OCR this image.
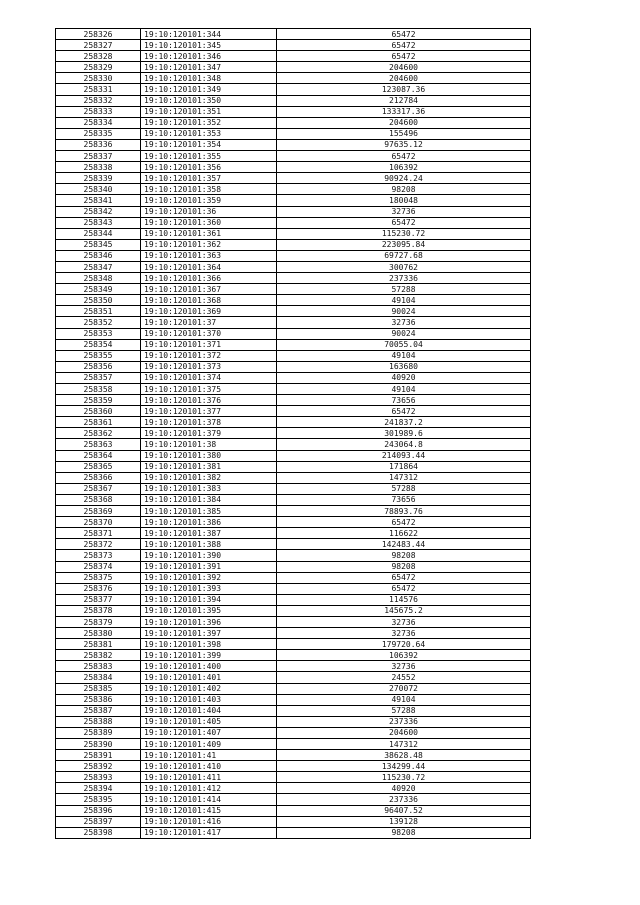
258326	19:10:120101:344	65472
258327	19:10:120101:345	65472
258328	19:10:120101:346	65472
258329	19:10:120101:347	204600
258330	19:10:120101:348	204600
258331	19:10:120101:349	123087.36
258332	19:10:120101:350	212784
258333	19:10:120101:351	133317.36
258334	19:10:120101:352	204600
258335	19:10:120101:353	155496
258336	19:10:120101:354	97635.12
258337	19:10:120101:355	65472
258338	19:10:120101:356	106392
258339	19:10:120101:357	90924.24
258340	19:10:120101:358	98208
258341	19:10:120101:359	180048
258342	19:10:120101:36	32736
258343	19:10:120101:360	65472
258344	19:10:120101:361	115230.72
258345	19:10:120101:362	223095.84
258346	19:10:120101:363	69727.68
258347	19:10:120101:364	300762
258348	19:10:120101:366	237336
258349	19:10:120101:367	57288
258350	19:10:120101:368	49104
258351	19:10:120101:369	90024
258352	19:10:120101:37	32736
258353	19:10:120101:370	90024
258354	19:10:120101:371	70055.04
258355	19:10:120101:372	49104
258356	19:10:120101:373	163680
258357	19:10:120101:374	40920
258358	19:10:120101:375	49104
258359	19:10:120101:376	73656
258360	19:10:120101:377	65472
258361	19:10:120101:378	241837.2
258362	19:10:120101:379	301989.6
258363	19:10:120101:38	243064.8
258364	19:10:120101:380	214093.44
258365	19:10:120101:381	171864
258366	19:10:120101:382	147312
258367	19:10:120101:383	57288
258368	19:10:120101:384	73656
258369	19:10:120101:385	78893.76
258370	19:10:120101:386	65472
258371	19:10:120101:387	116622
258372	19:10:120101:388	142483.44
258373	19:10:120101:390	98208
258374	19:10:120101:391	98208
258375	19:10:120101:392	65472
258376	19:10:120101:393	65472
258377	19:10:120101:394	114576
258378	19:10:120101:395	145675.2
258379	19:10:120101:396	32736
258380	19:10:120101:397	32736
258381	19:10:120101:398	179720.64
258382	19:10:120101:399	106392
258383	19:10:120101:400	32736
258384	19:10:120101:401	24552
258385	19:10:120101:402	270072
258386	19:10:120101:403	49104
258387	19:10:120101:404	57288
258388	19:10:120101:405	237336
258389	19:10:120101:407	204600
258390	19:10:120101:409	147312
258391	19:10:120101:41	38628.48
258392	19:10:120101:410	134299.44
258393	19:10:120101:411	115230.72
258394	19:10:120101:412	40920
258395	19:10:120101:414	237336
258396	19:10:120101:415	96407.52
258397	19:10:120101:416	139128
258398	19:10:120101:417	98208
